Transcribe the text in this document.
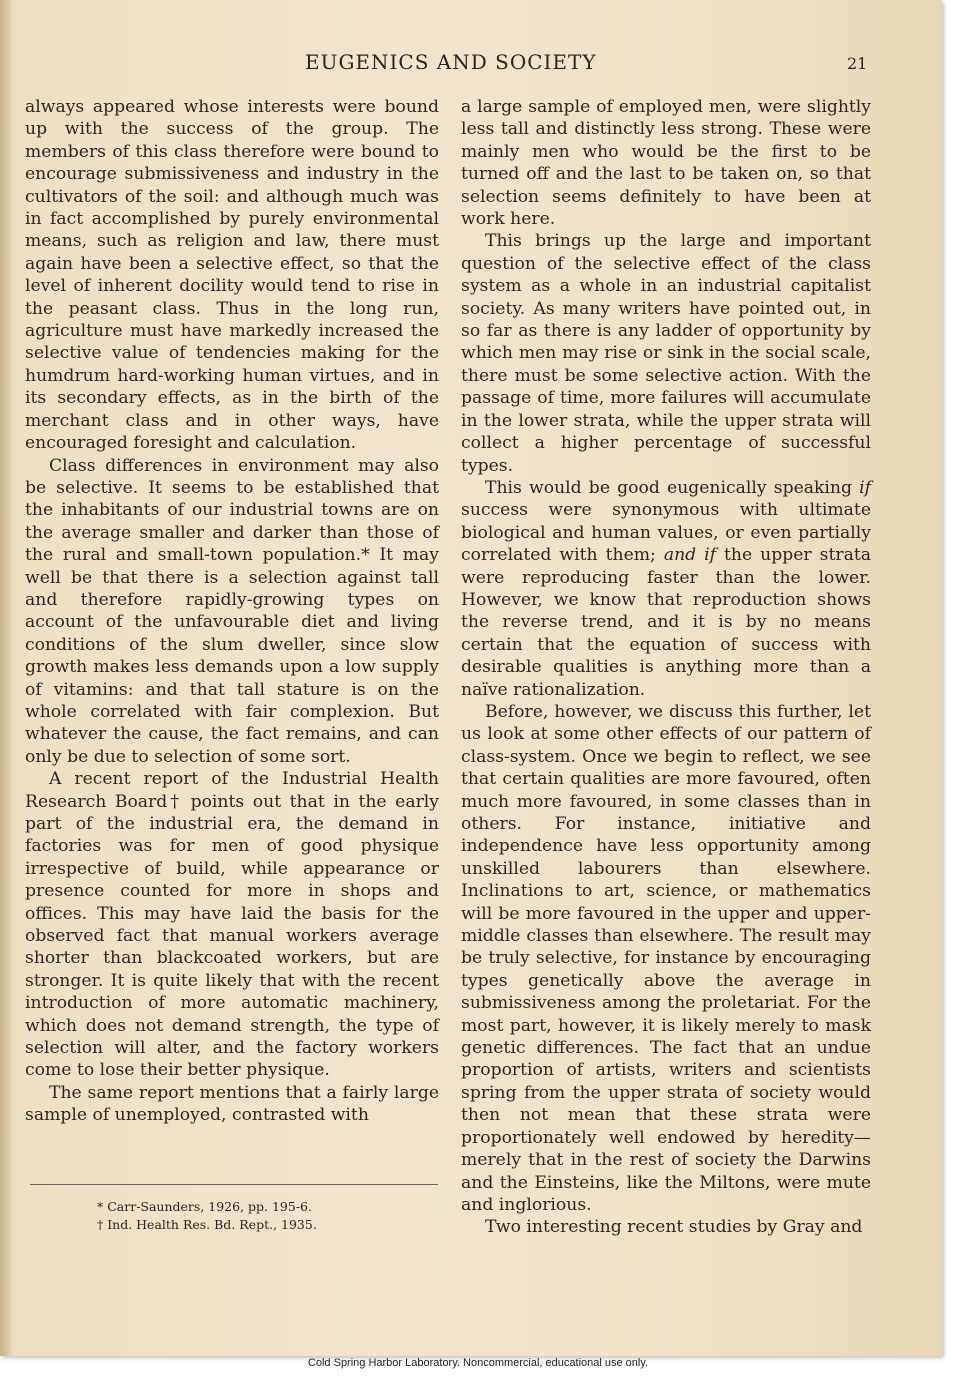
EUGENICS AND SOCIETY	21

always appeared whose interests were bound up with the success of the group. The members of this class therefore were bound to encourage submissiveness and industry in the cultivators of the soil: and although much was in fact accomplished by purely environmental means, such as religion and law, there must again have been a selective effect, so that the level of inherent docility would tend to rise in the peasant class. Thus in the long run, agriculture must have markedly increased the selective value of tendencies making for the humdrum hard-working human virtues, and in its secondary effects, as in the birth of the merchant class and in other ways, have encouraged foresight and calculation.

Class differences in environment may also be selective. It seems to be established that the inhabitants of our industrial towns are on the average smaller and darker than those of the rural and small-town population.* It may well be that there is a selection against tall and therefore rapidly-growing types on account of the unfavourable diet and living conditions of the slum dweller, since slow growth makes less demands upon a low supply of vitamins: and that tall stature is on the whole correlated with fair complexion. But whatever the cause, the fact remains, and can only be due to selection of some sort.

A recent report of the Industrial Health Research Board† points out that in the early part of the industrial era, the demand in factories was for men of good physique irrespective of build, while appearance or presence counted for more in shops and offices. This may have laid the basis for the observed fact that manual workers average shorter than blackcoated workers, but are stronger. It is quite likely that with the recent introduction of more automatic machinery, which does not demand strength, the type of selection will alter, and the factory workers come to lose their better physique.

The same report mentions that a fairly large sample of unemployed, contrasted with

a large sample of employed men, were slightly less tall and distinctly less strong. These were mainly men who would be the first to be turned off and the last to be taken on, so that selection seems definitely to have been at work here.

This brings up the large and important question of the selective effect of the class system as a whole in an industrial capitalist society. As many writers have pointed out, in so far as there is any ladder of opportunity by which men may rise or sink in the social scale, there must be some selective action. With the passage of time, more failures will accumulate in the lower strata, while the upper strata will collect a higher percentage of successful types.

This would be good eugenically speaking if success were synonymous with ultimate biological and human values, or even partially correlated with them; and if the upper strata were reproducing faster than the lower. However, we know that reproduction shows the reverse trend, and it is by no means certain that the equation of success with desirable qualities is anything more than a naïve rationalization.

Before, however, we discuss this further, let us look at some other effects of our pattern of class-system. Once we begin to reflect, we see that certain qualities are more favoured, often much more favoured, in some classes than in others. For instance, initiative and independence have less opportunity among unskilled labourers than elsewhere. Inclinations to art, science, or mathematics will be more favoured in the upper and upper-middle classes than elsewhere. The result may be truly selective, for instance by encouraging types genetically above the average in submissiveness among the proletariat. For the most part, however, it is likely merely to mask genetic differences. The fact that an undue proportion of artists, writers and scientists spring from the upper strata of society would then not mean that these strata were proportionately well endowed by heredity—merely that in the rest of society the Darwins and the Einsteins, like the Miltons, were mute and inglorious.

Two interesting recent studies by Gray and

* Carr-Saunders, 1926, pp. 195-6.
† Ind. Health Res. Bd. Rept., 1935.
Cold Spring Harbor Laboratory. Noncommercial, educational use only.
